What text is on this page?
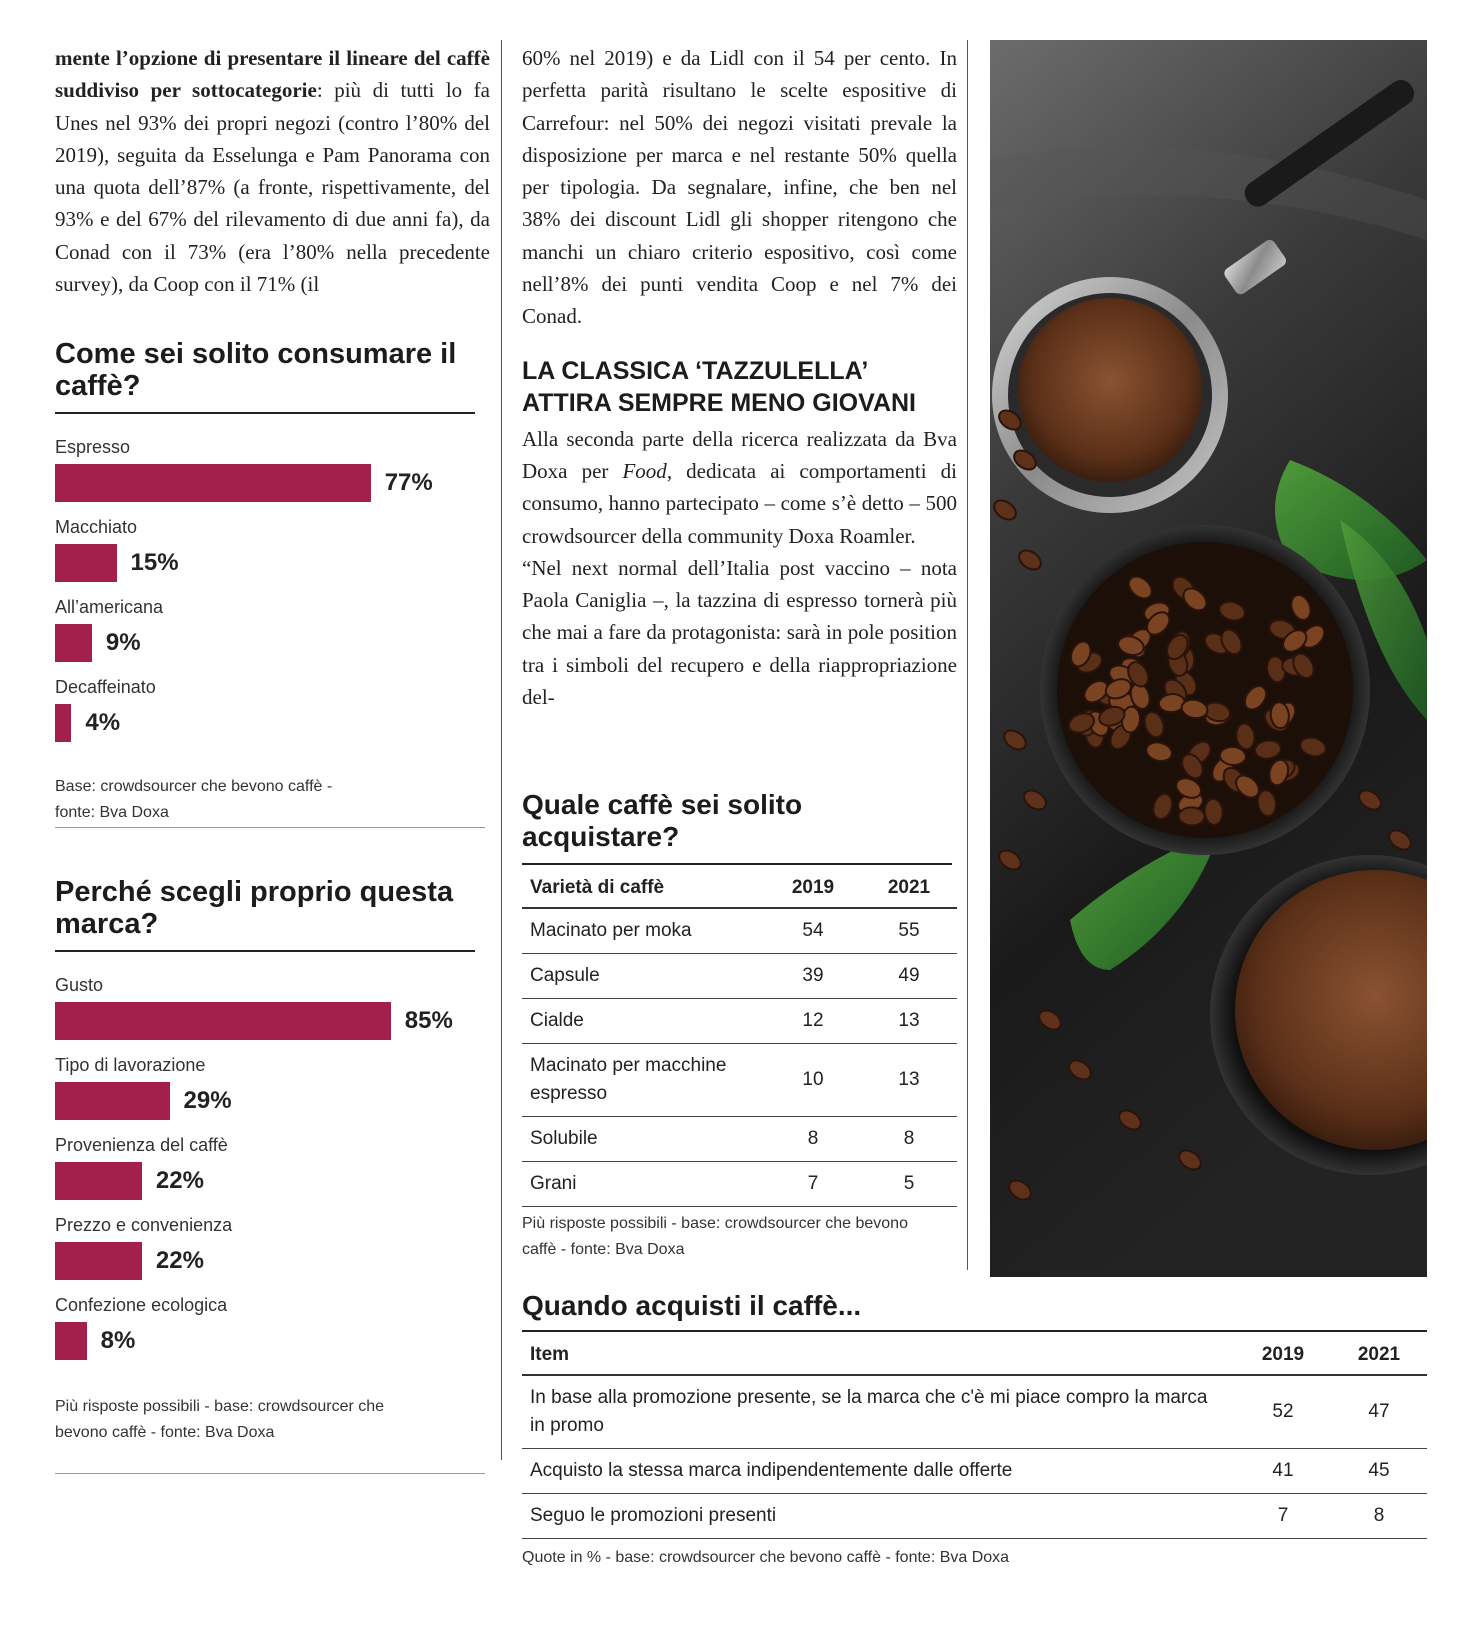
mente l’opzione di presentare il lineare del caffè suddiviso per sottocategorie: più di tutti lo fa Unes nel 93% dei propri negozi (contro l’80% del 2019), seguita da Esselunga e Pam Panorama con una quota dell’87% (a fronte, rispettivamente, del 93% e del 67% del rilevamento di due anni fa), da Conad con il 73% (era l’80% nella precedente survey), da Coop con il 71% (il

Come sei solito consumare il caffè?
Espresso
77%
Macchiato
15%
All’americana
9%
Decaffeinato
4%
Base: crowdsourcer che bevono caffè - fonte: Bva Doxa
Perché scegli proprio questa marca?
Gusto
85%
Tipo di lavorazione
29%
Provenienza del caffè
22%
Prezzo e convenienza
22%
Confezione ecologica
8%
Più risposte possibili - base: crowdsourcer che bevono caffè - fonte: Bva Doxa

60% nel 2019) e da Lidl con il 54 per cento. In perfetta parità risultano le scelte espositive di Carrefour: nel 50% dei negozi visitati prevale la disposizione per marca e nel restante 50% quella per tipologia. Da segnalare, infine, che ben nel 38% dei discount Lidl gli shopper ritengono che manchi un chiaro criterio espositivo, così come nell’8% dei punti vendita Coop e nel 7% dei Conad.

LA CLASSICA ‘TAZZULELLA’
ATTIRA SEMPRE MENO GIOVANI

Alla seconda parte della ricerca realizzata da Bva Doxa per Food, dedicata ai comportamenti di consumo, hanno partecipato – come s’è detto – 500 crowdsourcer della community Doxa Roamler.

“Nel next normal dell’Italia post vaccino – nota Paola Caniglia –, la tazzina di espresso tornerà più che mai a fare da protagonista: sarà in pole position tra i simboli del recupero e della riappropriazione del-

Quale caffè sei solito acquistare?
Varietà di caffè	2019	2021
Macinato per moka	54	55
Capsule	39	49
Cialde	12	13
Macinato per macchine espresso	10	13
Solubile	8	8
Grani	7	5
Più risposte possibili - base: crowdsourcer che bevono caffè - fonte: Bva Doxa
Quando acquisti il caffè...
Item	2019	2021
In base alla promozione presente, se la marca che c'è mi piace compro la marca in promo	52	47
Acquisto la stessa marca indipendentemente dalle offerte	41	45
Seguo le promozioni presenti	7	8
Quote in % - base: crowdsourcer che bevono caffè - fonte: Bva Doxa
